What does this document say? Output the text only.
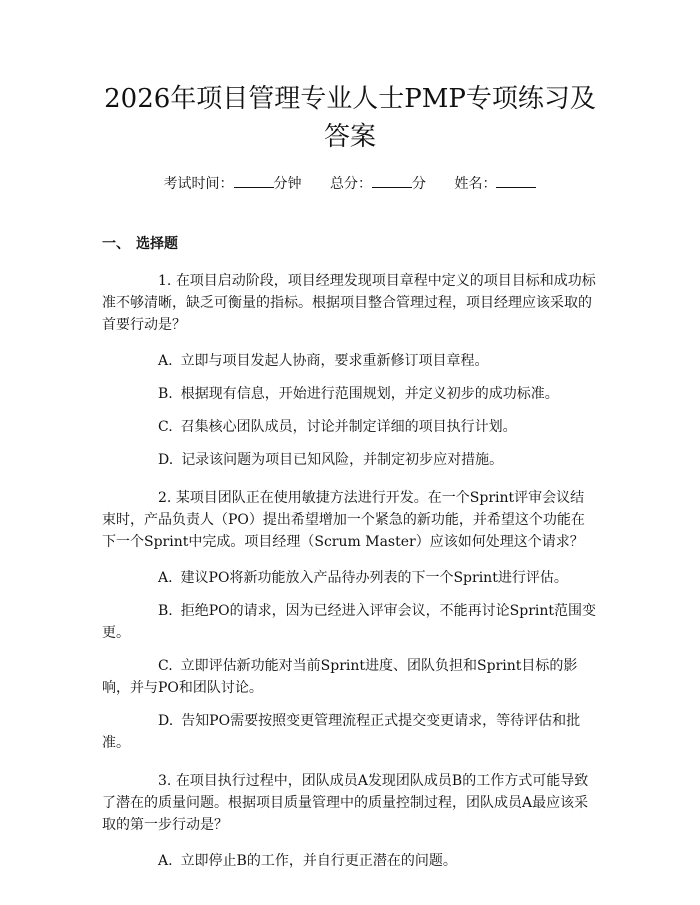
2026年项目管理专业人士PMP专项练习及答案
考试时间：	分钟 总分：	分 姓名：
一、 选择题
1. 在项目启动阶段，项目经理发现项目章程中定义的项目目标和成功标准不够清晰，缺乏可衡量的指标。根据项目整合管理过程，项目经理应该采取的首要行动是？
A. 立即与项目发起人协商，要求重新修订项目章程。
B. 根据现有信息，开始进行范围规划，并定义初步的成功标准。
C. 召集核心团队成员，讨论并制定详细的项目执行计划。
D. 记录该问题为项目已知风险，并制定初步应对措施。
2. 某项目团队正在使用敏捷方法进行开发。在一个Sprint评审会议结束时，产品负责人（PO）提出希望增加一个紧急的新功能，并希望这个功能在下一个Sprint中完成。项目经理（Scrum Master）应该如何处理这个请求？
A. 建议PO将新功能放入产品待办列表的下一个Sprint进行评估。
B. 拒绝PO的请求，因为已经进入评审会议，不能再讨论Sprint范围变更。
C. 立即评估新功能对当前Sprint进度、团队负担和Sprint目标的影响，并与PO和团队讨论。
D. 告知PO需要按照变更管理流程正式提交变更请求，等待评估和批准。
3. 在项目执行过程中，团队成员A发现团队成员B的工作方式可能导致了潜在的质量问题。根据项目质量管理中的质量控制过程，团队成员A最应该采取的第一步行动是？
A. 立即停止B的工作，并自行更正潜在的问题。
